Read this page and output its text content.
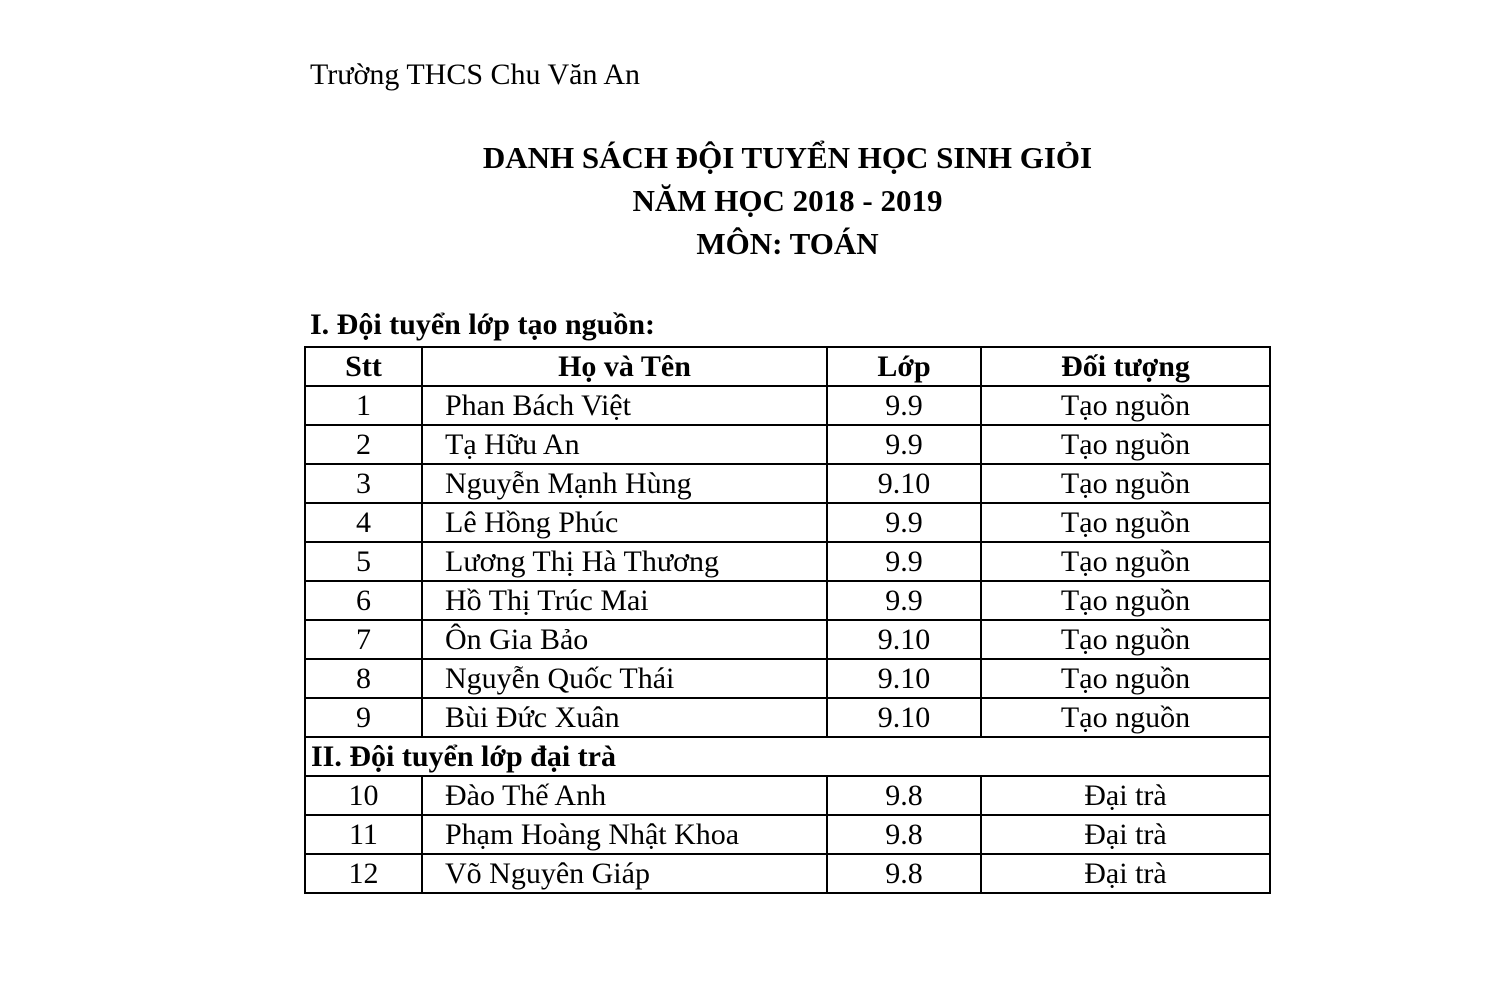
Trường THCS Chu Văn An
DANH SÁCH ĐỘI TUYỂN HỌC SINH GIỎI
NĂM HỌC 2018 - 2019
MÔN: TOÁN
I. Đội tuyển lớp tạo nguồn:
Stt	Họ và Tên	Lớp	Đối tượng
1	Phan Bách Việt	9.9	Tạo nguồn
2	Tạ Hữu An	9.9	Tạo nguồn
3	Nguyễn Mạnh Hùng	9.10	Tạo nguồn
4	Lê Hồng Phúc	9.9	Tạo nguồn
5	Lương Thị Hà Thương	9.9	Tạo nguồn
6	Hồ Thị Trúc Mai	9.9	Tạo nguồn
7	Ôn Gia Bảo	9.10	Tạo nguồn
8	Nguyễn Quốc Thái	9.10	Tạo nguồn
9	Bùi Đức Xuân	9.10	Tạo nguồn
II. Đội tuyển lớp đại trà			
10	Đào Thế Anh	9.8	Đại trà
11	Phạm Hoàng Nhật Khoa	9.8	Đại trà
12	Võ Nguyên Giáp	9.8	Đại trà
